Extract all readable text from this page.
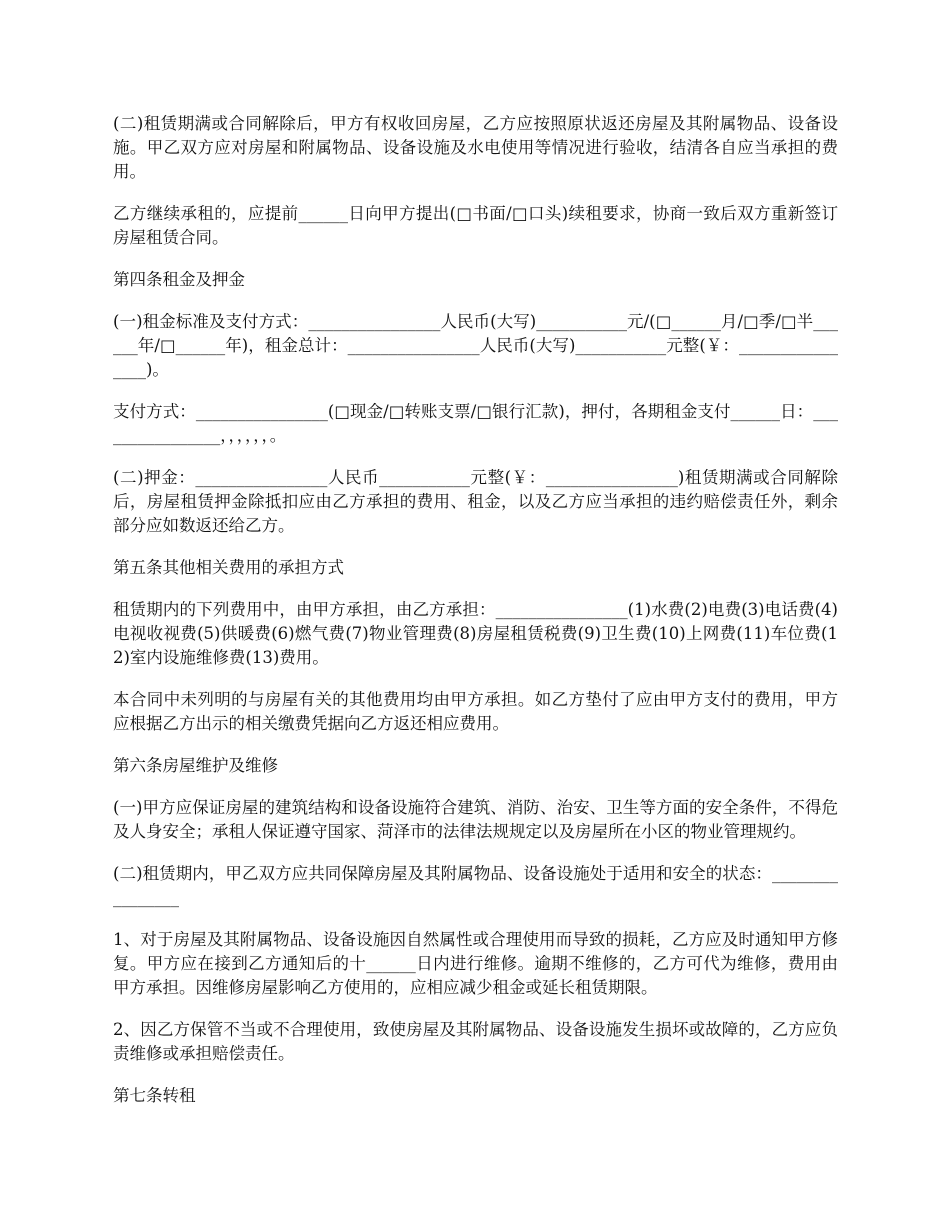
(二)租赁期满或合同解除后，甲方有权收回房屋，乙方应按照原状返还房屋及其附属物品、设备设施。甲乙双方应对房屋和附属物品、设备设施及水电使用等情况进行验收，结清各自应当承担的费用。

乙方继续承租的，应提前______日向甲方提出(□书面/□口头)续租要求，协商一致后双方重新签订房屋租赁合同。

第四条租金及押金

(一)租金标准及支付方式：________________人民币(大写)___________元/(□______月/□季/□半______年/□______年)，租金总计：________________人民币(大写)___________元整(￥：________________)。

支付方式：________________(□现金/□转账支票/□银行汇款)，押付，各期租金支付______日：________________，，，，，，。

(二)押金：________________人民币___________元整(￥：________________)租赁期满或合同解除后，房屋租赁押金除抵扣应由乙方承担的费用、租金，以及乙方应当承担的违约赔偿责任外，剩余部分应如数返还给乙方。

第五条其他相关费用的承担方式

租赁期内的下列费用中，由甲方承担，由乙方承担：________________(1)水费(2)电费(3)电话费(4)电视收视费(5)供暖费(6)燃气费(7)物业管理费(8)房屋租赁税费(9)卫生费(10)上网费(11)车位费(12)室内设施维修费(13)费用。

本合同中未列明的与房屋有关的其他费用均由甲方承担。如乙方垫付了应由甲方支付的费用，甲方应根据乙方出示的相关缴费凭据向乙方返还相应费用。

第六条房屋维护及维修

(一)甲方应保证房屋的建筑结构和设备设施符合建筑、消防、治安、卫生等方面的安全条件，不得危及人身安全；承租人保证遵守国家、菏泽市的法律法规规定以及房屋所在小区的物业管理规约。

(二)租赁期内，甲乙双方应共同保障房屋及其附属物品、设备设施处于适用和安全的状态：________________

1、对于房屋及其附属物品、设备设施因自然属性或合理使用而导致的损耗，乙方应及时通知甲方修复。甲方应在接到乙方通知后的十______日内进行维修。逾期不维修的，乙方可代为维修，费用由甲方承担。因维修房屋影响乙方使用的，应相应减少租金或延长租赁期限。

2、因乙方保管不当或不合理使用，致使房屋及其附属物品、设备设施发生损坏或故障的，乙方应负责维修或承担赔偿责任。

第七条转租
